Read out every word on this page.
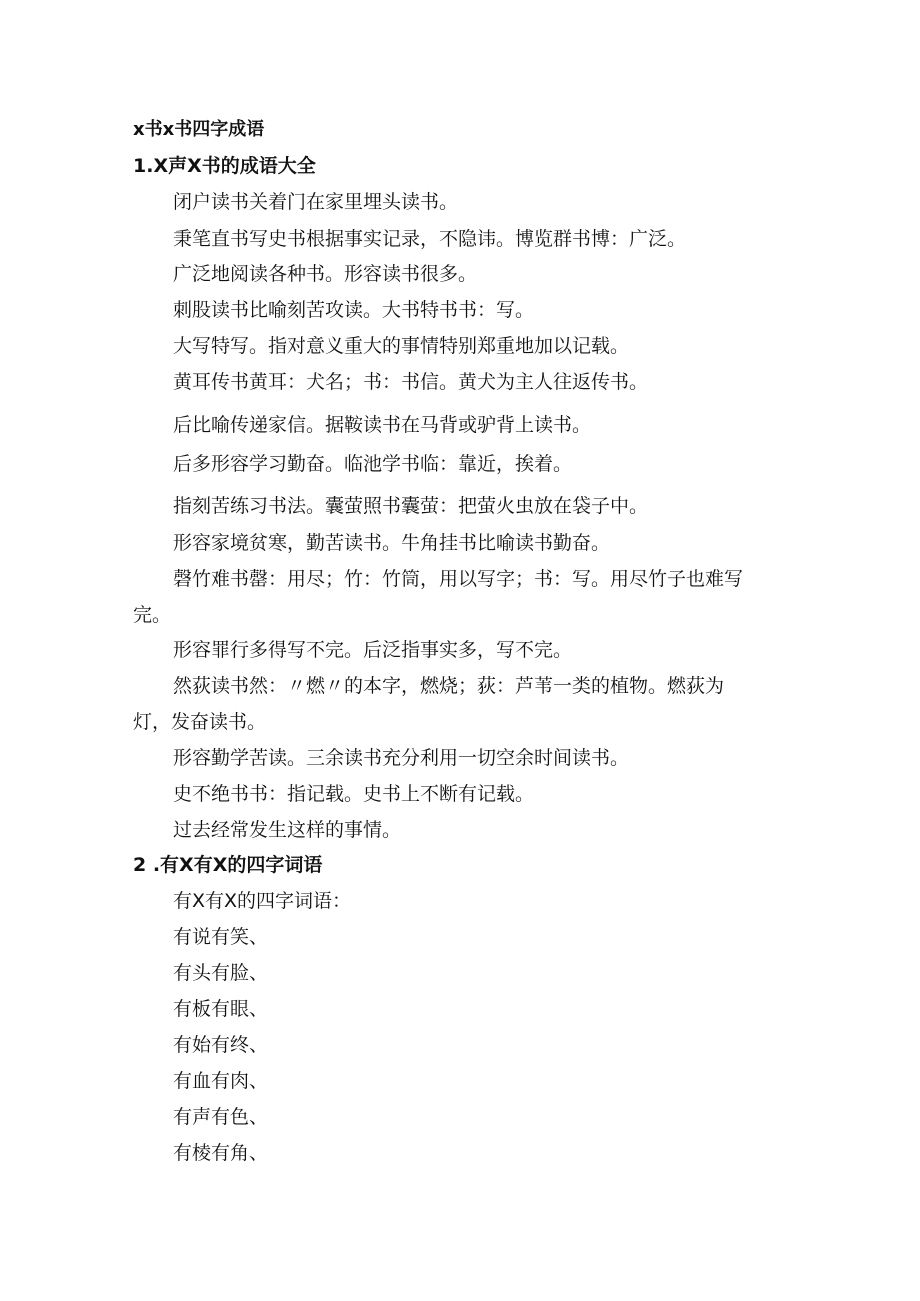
x书x书四字成语
1.X声X书的成语大全
闭户读书关着门在家里埋头读书。
秉笔直书写史书根据事实记录，不隐讳。博览群书博：广泛。
广泛地阅读各种书。形容读书很多。
刺股读书比喻刻苦攻读。大书特书书：写。
大写特写。指对意义重大的事情特别郑重地加以记载。
黄耳传书黄耳：犬名；书：书信。黄犬为主人往返传书。
后比喻传递家信。据鞍读书在马背或驴背上读书。
后多形容学习勤奋。临池学书临：靠近，挨着。
指刻苦练习书法。囊萤照书囊萤：把萤火虫放在袋子中。
形容家境贫寒，勤苦读书。牛角挂书比喻读书勤奋。
磬竹难书罄：用尽；竹：竹筒，用以写字；书：写。用尽竹子也难写
完。
形容罪行多得写不完。后泛指事实多，写不完。
然荻读书然：〃燃〃的本字，燃烧；荻：芦苇一类的植物。燃荻为
灯，发奋读书。
形容勤学苦读。三余读书充分利用一切空余时间读书。
史不绝书书：指记载。史书上不断有记载。
过去经常发生这样的事情。
2 .有X有X的四字词语
有X有X的四字词语：
有说有笑、
有头有脸、
有板有眼、
有始有终、
有血有肉、
有声有色、
有棱有角、
